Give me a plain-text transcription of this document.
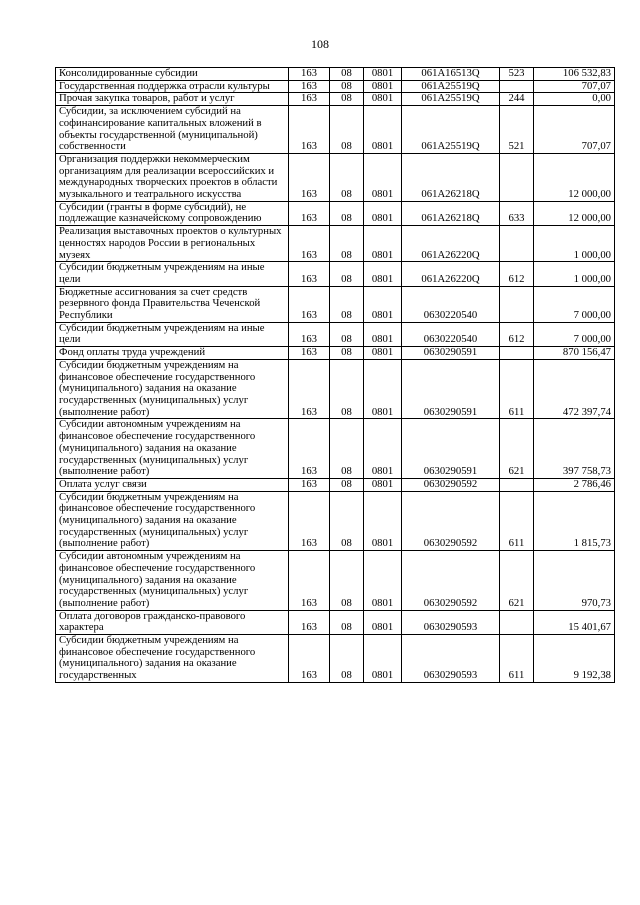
108
Консолидированные субсидии	163	08	0801	061А16513Q	523	106 532,83
Государственная поддержка отрасли культуры	163	08	0801	061А25519Q		707,07
Прочая закупка товаров, работ и услуг	163	08	0801	061А25519Q	244	0,00
Субсидии, за исключением субсидий на софинансирование капитальных вложений в объекты государственной (муниципальной) собственности	163	08	0801	061А25519Q	521	707,07
Организация поддержки некоммерческим организациям для реализации всероссийских и международных творческих проектов в области музыкального и театрального искусства	163	08	0801	061А26218Q		12 000,00
Субсидии (гранты в форме субсидий), не подлежащие казначейскому сопровождению	163	08	0801	061А26218Q	633	12 000,00
Реализация выставочных проектов о культурных ценностях народов России в региональных музеях	163	08	0801	061А26220Q		1 000,00
Субсидии бюджетным учреждениям на иные цели	163	08	0801	061А26220Q	612	1 000,00
Бюджетные ассигнования за счет средств резервного фонда Правительства Чеченской Республики	163	08	0801	0630220540		7 000,00
Субсидии бюджетным учреждениям на иные цели	163	08	0801	0630220540	612	7 000,00
Фонд оплаты труда учреждений	163	08	0801	0630290591		870 156,47
Субсидии бюджетным учреждениям на финансовое обеспечение государственного (муниципального) задания на оказание государственных (муниципальных) услуг (выполнение работ)	163	08	0801	0630290591	611	472 397,74
Субсидии автономным учреждениям на финансовое обеспечение государственного (муниципального) задания на оказание государственных (муниципальных) услуг (выполнение работ)	163	08	0801	0630290591	621	397 758,73
Оплата услуг связи	163	08	0801	0630290592		2 786,46
Субсидии бюджетным учреждениям на финансовое обеспечение государственного (муниципального) задания на оказание государственных (муниципальных) услуг (выполнение работ)	163	08	0801	0630290592	611	1 815,73
Субсидии автономным учреждениям на финансовое обеспечение государственного (муниципального) задания на оказание государственных (муниципальных) услуг (выполнение работ)	163	08	0801	0630290592	621	970,73
Оплата договоров гражданско-правового характера	163	08	0801	0630290593		15 401,67
Субсидии бюджетным учреждениям на финансовое обеспечение государственного (муниципального) задания на оказание государственных	163	08	0801	0630290593	611	9 192,38
